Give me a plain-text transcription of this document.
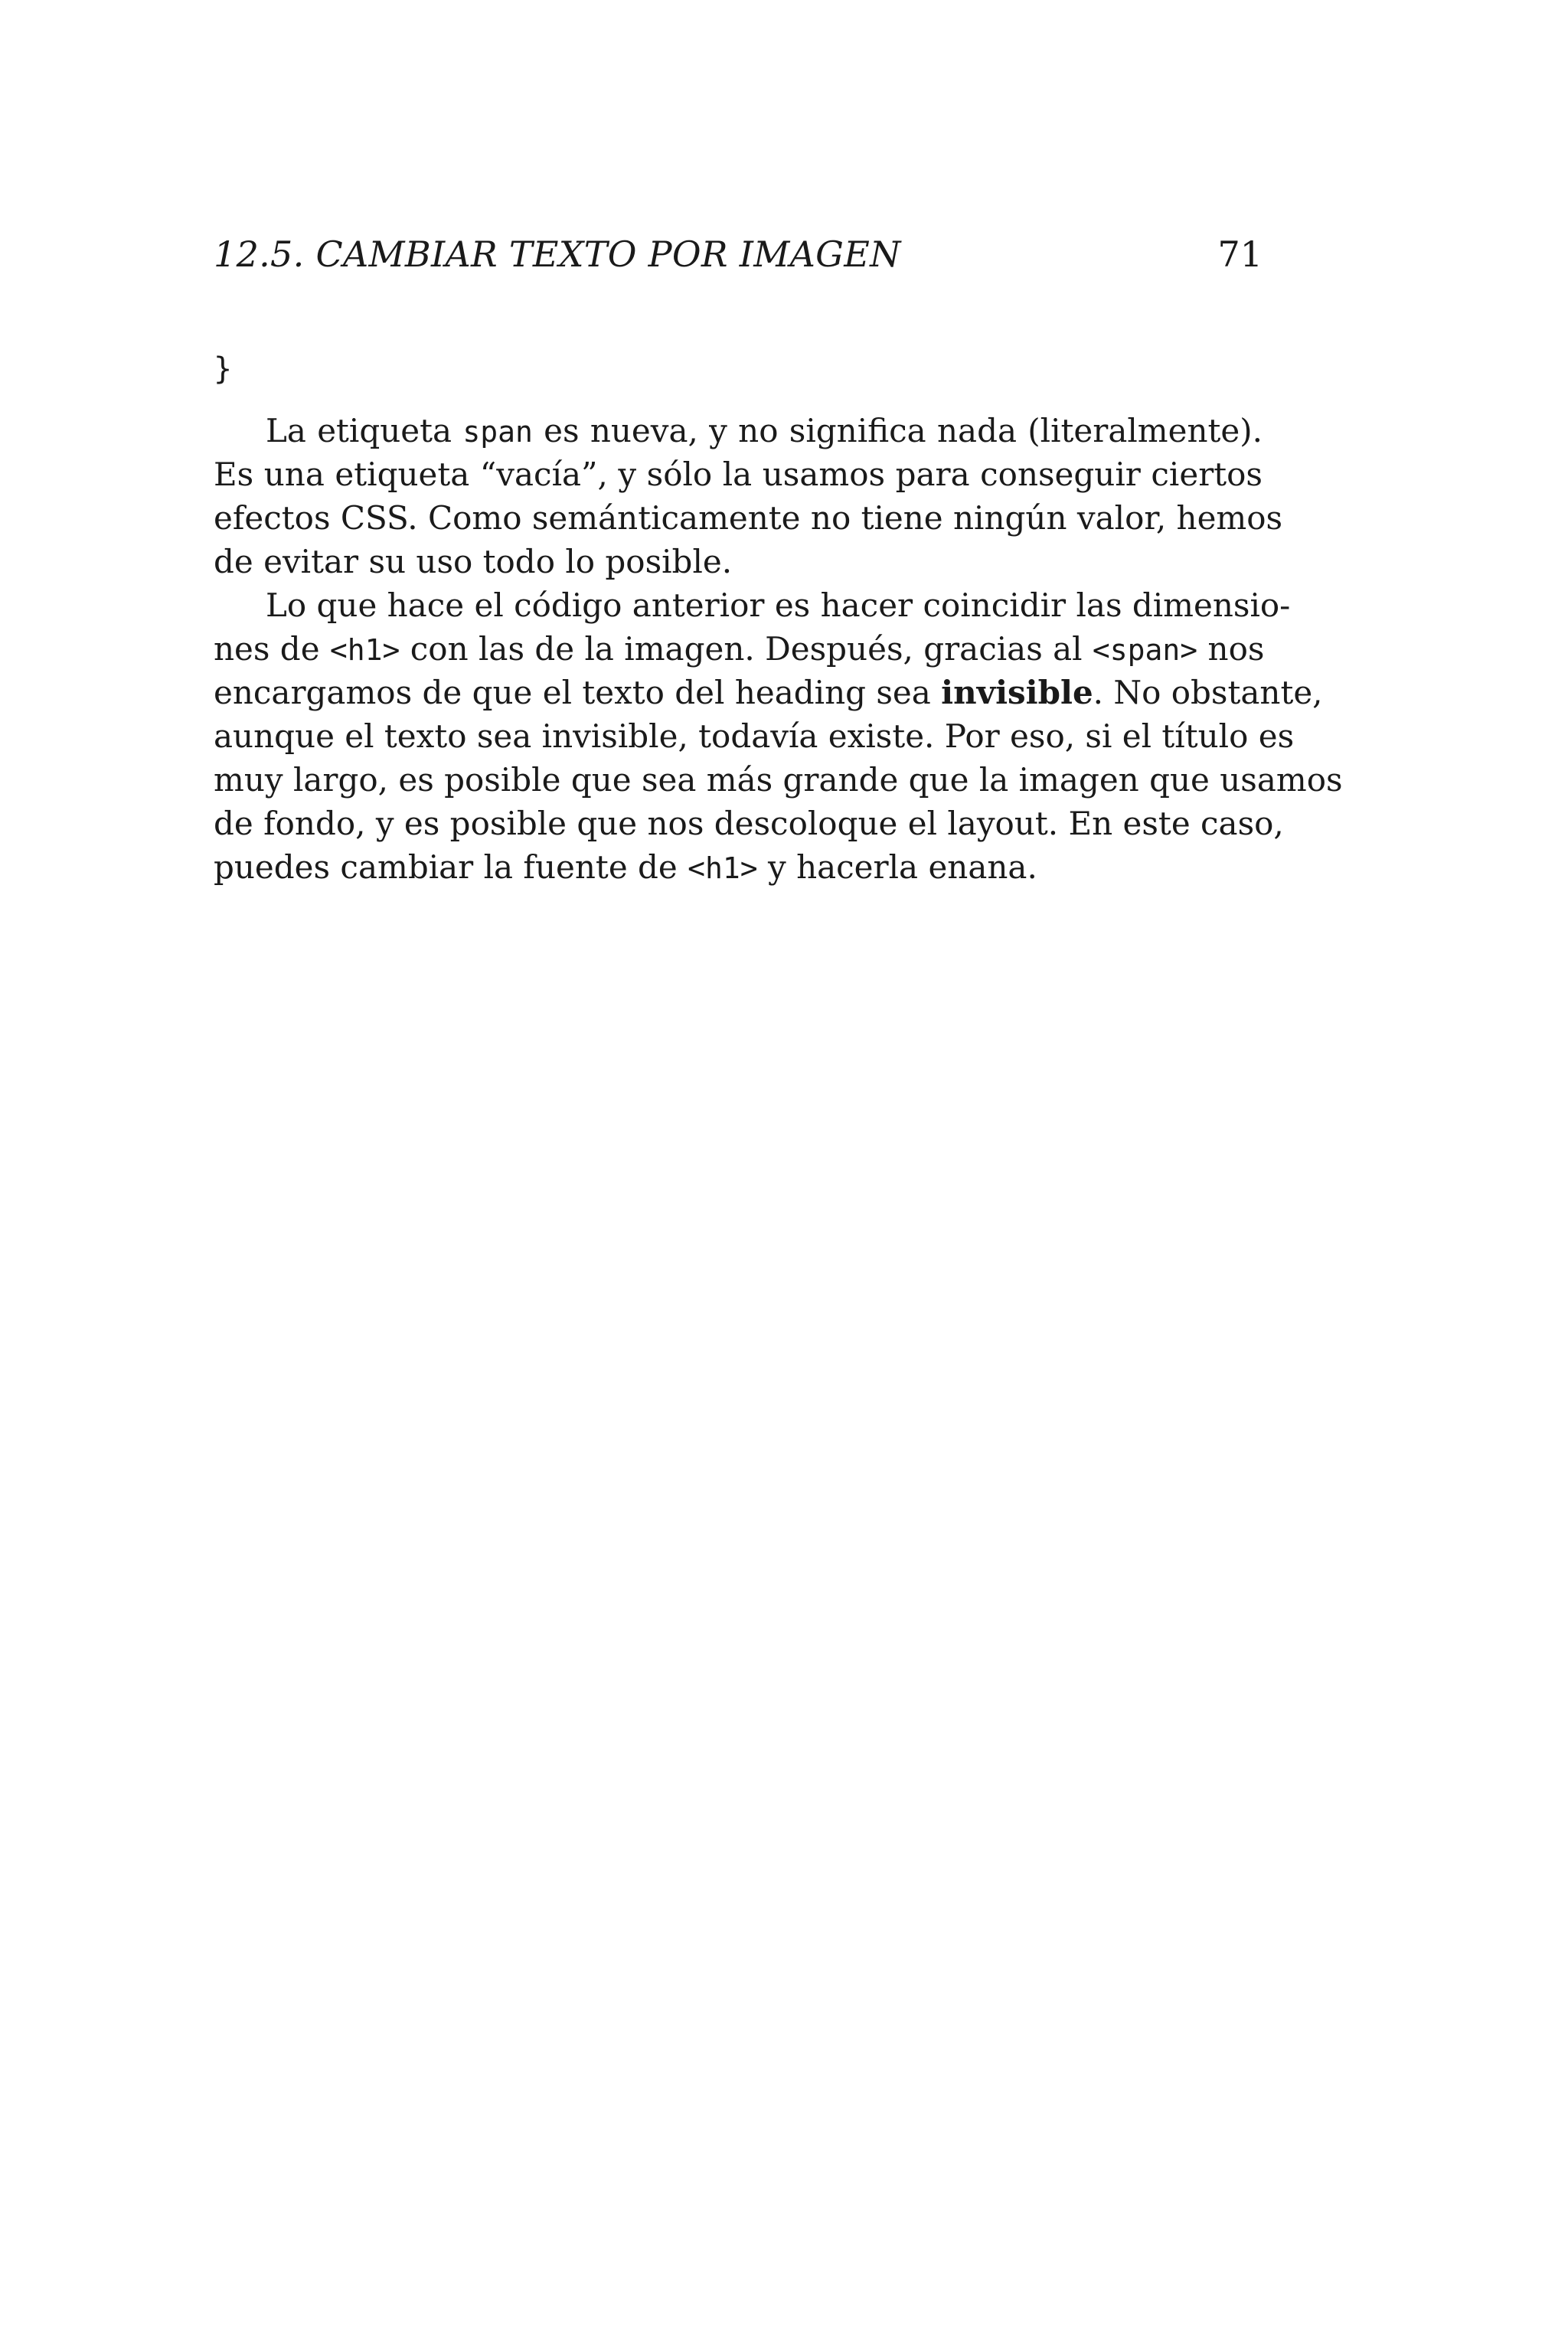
12.5. CAMBIAR TEXTO POR IMAGEN	71
}
La etiqueta span es nueva, y no significa nada (literalmente).
Es una etiqueta “vacía”, y sólo la usamos para conseguir ciertos
efectos CSS. Como semánticamente no tiene ningún valor, hemos
de evitar su uso todo lo posible.
Lo que hace el código anterior es hacer coincidir las dimensio-
nes de <h1> con las de la imagen. Después, gracias al <span> nos
encargamos de que el texto del heading sea invisible. No obstante,
aunque el texto sea invisible, todavía existe. Por eso, si el título es
muy largo, es posible que sea más grande que la imagen que usamos
de fondo, y es posible que nos descoloque el layout. En este caso,
puedes cambiar la fuente de <h1> y hacerla enana.
